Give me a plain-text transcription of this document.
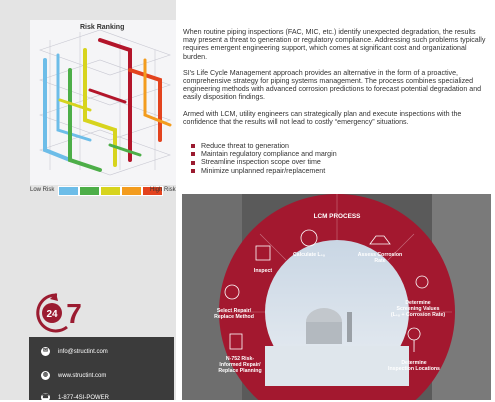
Risk Ranking
Low Risk	High Risk

When routine piping inspections (FAC, MIC, etc.) identify unexpected degradation, the results may present a threat to generation or regulatory compliance. Addressing such problems typically requires emergent engineering support, which comes at significant cost and organizational burden.

SI's Life Cycle Management approach provides an alternative in the form of a proactive, comprehensive strategy for piping systems management. The process combines specialized engineering methods with advanced corrosion predictions to forecast potential degradation and easily disposition findings.

Armed with LCM, utility engineers can strategically plan and execute inspections with the confidence that the results will not lead to costly “emergency” situations.

Reduce threat to generation
Maintain regulatory compliance and margin
Streamline inspection scope over time
Minimize unplanned repair/replacement
LCM PROCESS
Calculate L₁ₒ	Assess Corrosion
Rate
Inspect
Determine
Screening Values
(L₁ₒ + Corrosion Rate)
Select Repair/
Replace Method
Determine
Inspection Locations
N-752 Risk-
Informed Repair/
Replace Planning
24 7
✉	info@structint.com
◍	www.structint.com
☎ 1-877-4SI-POWER
